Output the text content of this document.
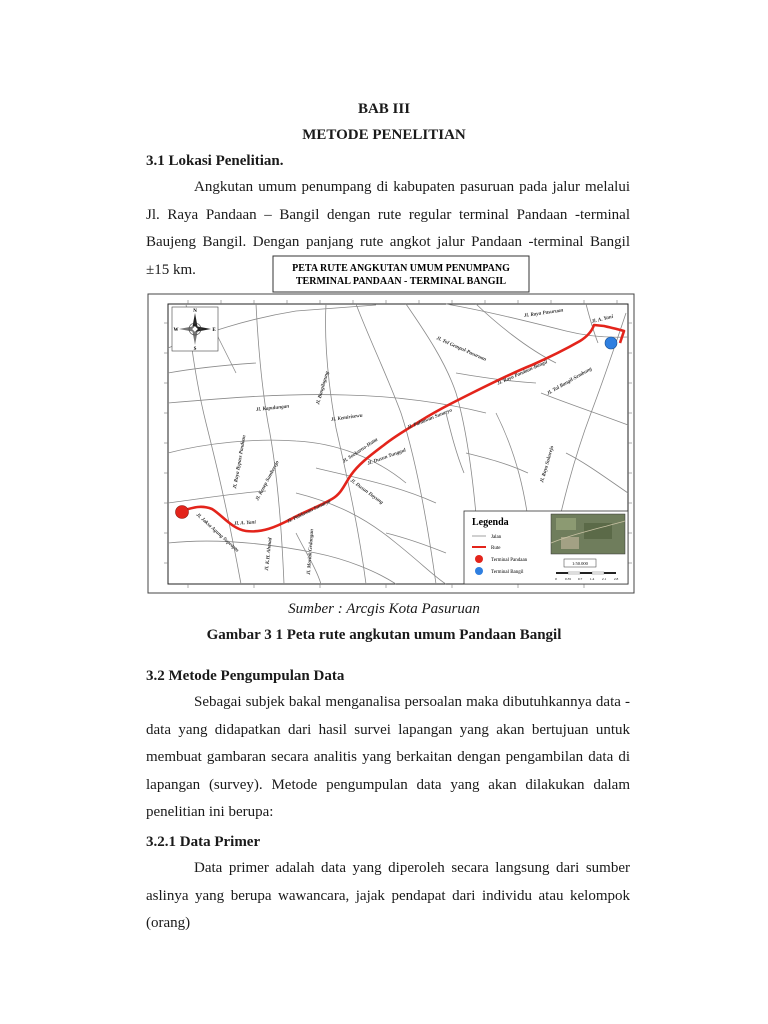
BAB III
METODE PENELITIAN
3.1 Lokasi Penelitian.
Angkutan umum penumpang di kabupaten pasuruan pada jalur melalui Jl. Raya Pandaan – Bangil dengan rute regular terminal Pandaan -terminal Baujeng Bangil. Dengan panjang rute angkot jalur Pandaan -terminal Bangil ±15 km.	PETA RUTE ANGKUTAN UMUM PENUMPANG
TERMINAL PANDAAN - TERMINAL BANGIL
Jl. Raya Pasuruan
Jl. A. Yani
Jl. Tol Gempol-Pasuruan
Jl. Raya Pandaan-Bangil
Jl. Tol Bangil-Sembung
Jl. Bangilagung
Jl. Kapulungan
Jl. Kemirisewu	Jl. Pahlawan Sunaryo
Jl. Soekarno-Hatta
Jl. Dusun Tunggul	Jl. Raya Sukorejo
Jl. Raya Bypass Pandaan Jl. Kenep Sumberejo
Jl. Pahlawan Sunaryo
Jl. Dusun Dayung
Jl. A. Yani
Jl. Jaksa Agung Suprapto
Jl. K.H. Ahmad	Jl. Moriak Gedangan
N
S
W	E
Legenda
Jalan
Rute
Terminal Pandaan
Terminal Bangil
1:50.000
0 0.35 0.7 1.4 2.1 2.8
Sumber : Arcgis Kota Pasuruan
Gambar 3 1 Peta rute angkutan umum Pandaan Bangil
3.2 Metode Pengumpulan Data
Sebagai subjek bakal menganalisa persoalan maka dibutuhkannya data - data yang didapatkan dari hasil survei lapangan yang akan bertujuan untuk membuat gambaran secara analitis yang berkaitan dengan pengambilan data di lapangan (survey). Metode pengumpulan data yang akan dilakukan dalam penelitian ini berupa:
3.2.1 Data Primer
Data primer adalah data yang diperoleh secara langsung dari sumber aslinya yang berupa wawancara, jajak pendapat dari individu atau kelompok (orang)
